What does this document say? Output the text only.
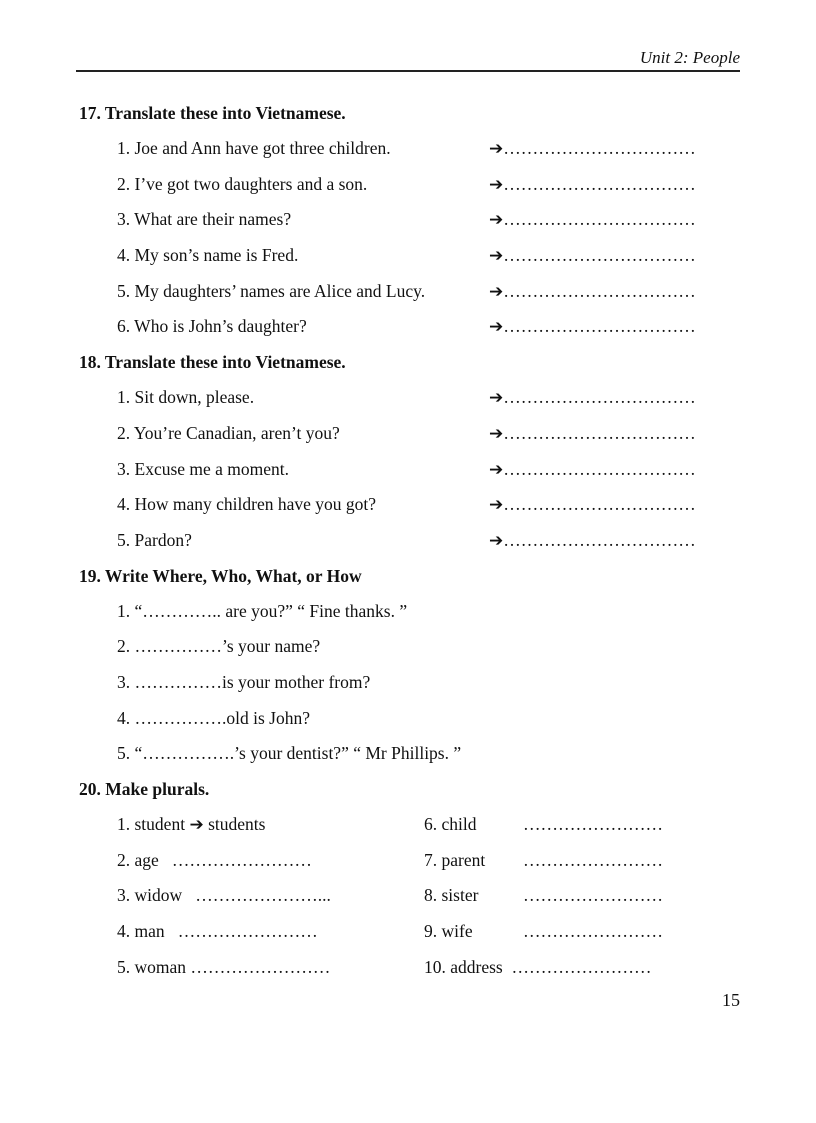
Unit 2: People
17. Translate these into Vietnamese.
1. Joe and Ann have got three children.	➔……………………………
2. I’ve got two daughters and a son.	➔……………………………
3. What are their names?	➔……………………………
4. My son’s name is Fred.	➔……………………………
5. My daughters’ names are Alice and Lucy.	➔……………………………
6. Who is John’s daughter?	➔……………………………
18. Translate these into Vietnamese.
1. Sit down, please.	➔……………………………
2. You’re Canadian, aren’t you?	➔……………………………
3. Excuse me a moment.	➔……………………………
4. How many children have you got?	➔……………………………
5. Pardon?	➔……………………………
19. Write Where, Who, What, or How
1. “………….. are you?” “ Fine thanks. ”
2. ……………’s your name?
3. ……………is your mother from?
4. …………….old is John?
5. “…………….’s your dentist?” “ Mr Phillips. ”
20. Make plurals.
1. student ➔ students	6. child	……………………
2. age ……………………	7. parent ……………………
3. widow …………………...	8. sister	……………………
4. man ……………………	9. wife	……………………
5. woman ……………………	10. address ……………………
15
